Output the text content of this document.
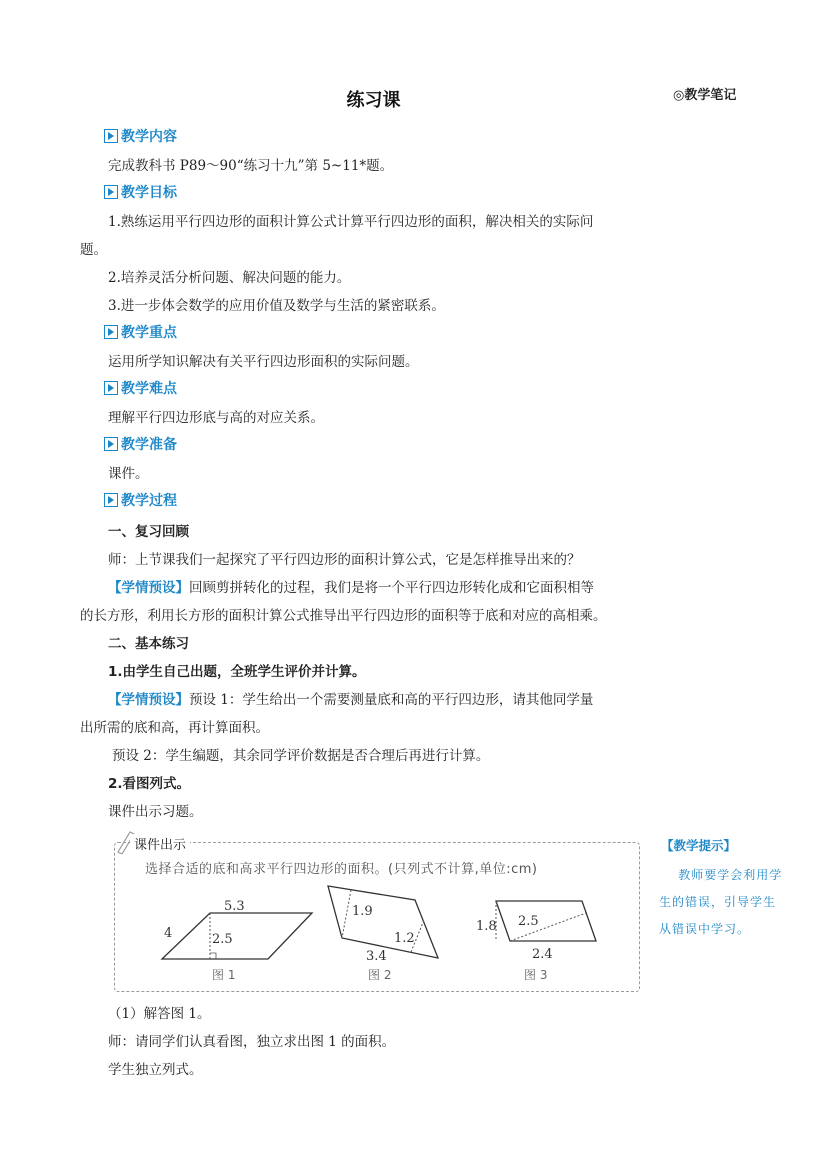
练习课	◎教学笔记
教学内容
完成教科书 P89～90“练习十九”第 5~11*题。
教学目标
1.熟练运用平行四边形的面积计算公式计算平行四边形的面积，解决相关的实际问
题。
2.培养灵活分析问题、解决问题的能力。
3.进一步体会数学的应用价值及数学与生活的紧密联系。
教学重点
运用所学知识解决有关平行四边形面积的实际问题。
教学难点
理解平行四边形底与高的对应关系。
教学准备
课件。
教学过程
一、复习回顾
师：上节课我们一起探究了平行四边形的面积计算公式，它是怎样推导出来的？
【学情预设】回顾剪拼转化的过程，我们是将一个平行四边形转化成和它面积相等
的长方形，利用长方形的面积计算公式推导出平行四边形的面积等于底和对应的高相乘。
二、基本练习
1.由学生自己出题，全班学生评价并计算。
【学情预设】预设 1：学生给出一个需要测量底和高的平行四边形，请其他同学量
出所需的底和高，再计算面积。
预设 2：学生编题，其余同学评价数据是否合理后再进行计算。
2.看图列式。
课件出示习题。
课件出示
选择合适的底和高求平行四边形的面积。(只列式不计算,单位:cm)
5.3
4	2.5
图 1
1.9
1.2
3.4
图 2
1.8 2.5
2.4
图 3
【教学提示】
教师要学会利用学生的错误，引导学生从错误中学习。
（1）解答图 1。
师：请同学们认真看图，独立求出图 1 的面积。
学生独立列式。
